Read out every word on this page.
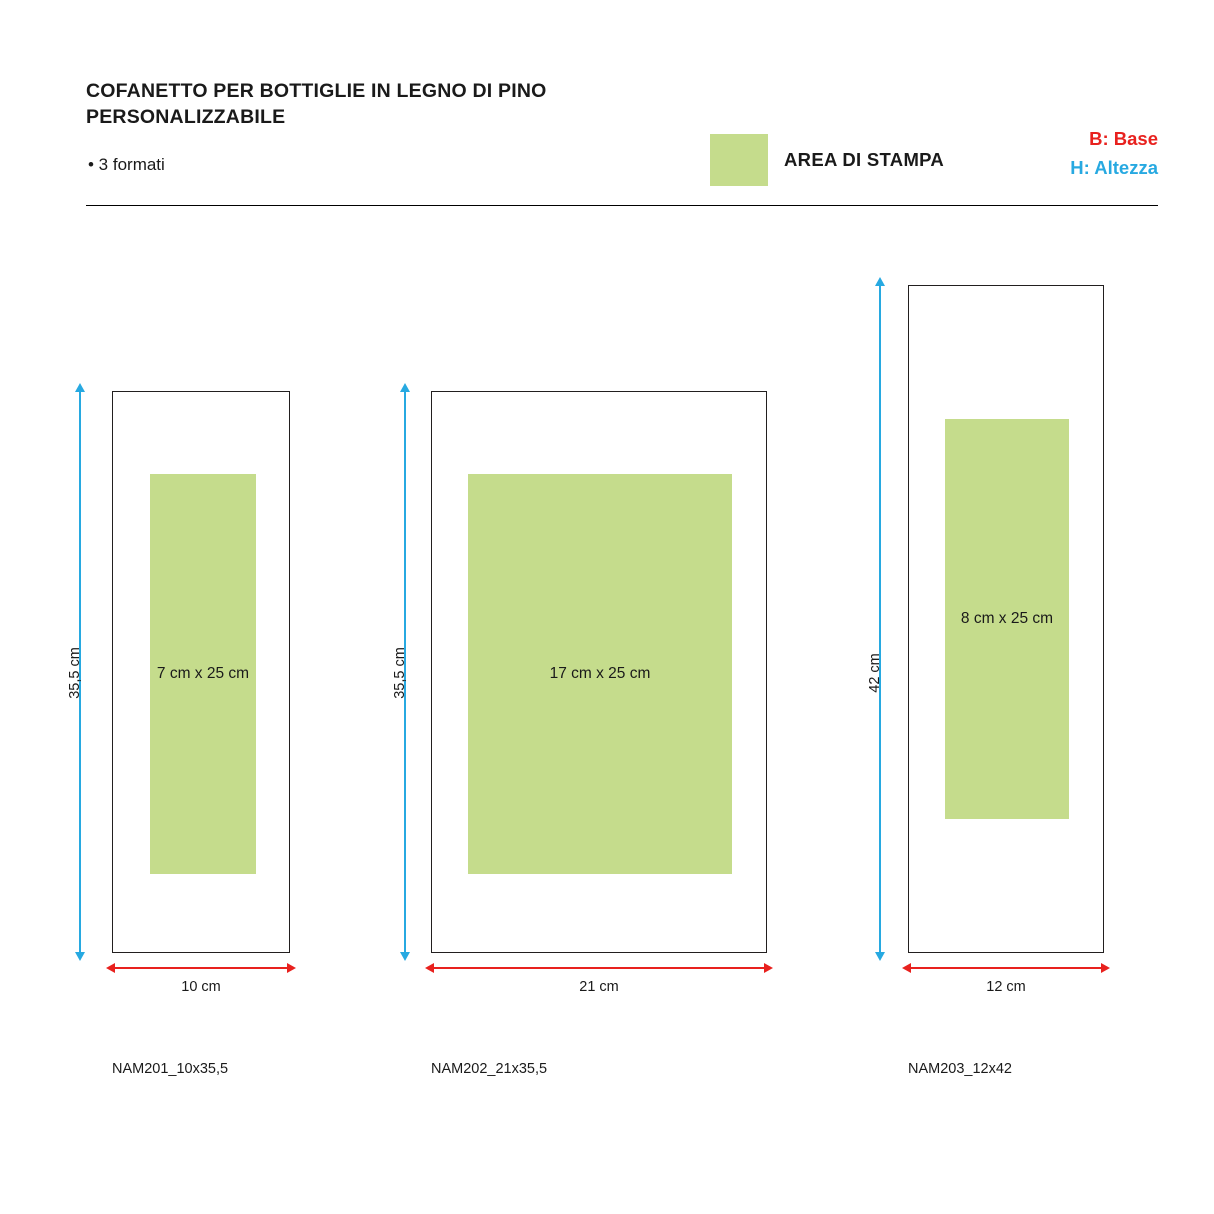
COFANETTO PER BOTTIGLIE IN LEGNO DI PINO
PERSONALIZZABILE
• 3 formati	AREA DI STAMPA
B: Base
H: Altezza
7 cm x 25 cm
35,5 cm
10 cm
NAM201_10x35,5
17 cm x 25 cm
35,5 cm
21 cm
NAM202_21x35,5
8 cm x 25 cm
42 cm
12 cm
NAM203_12x42
